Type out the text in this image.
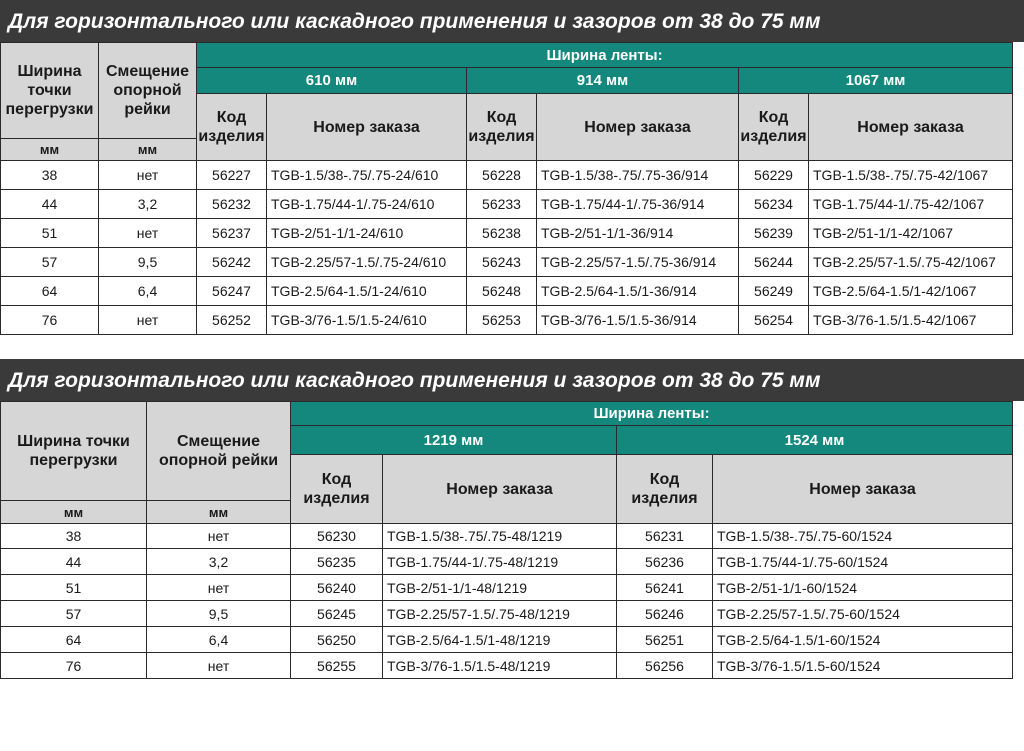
Для горизонтального или каскадного применения и зазоров от 38 до 75 мм
Ширина точки перегрузки	Смещение опорной рейки	Ширина ленты:					
		610 мм		914 мм		1067 мм	
		Код изделия	Номер заказа	Код изделия	Номер заказа	Код изделия	Номер заказа
мм	мм						
38	нет	56227	TGB-1.5/38-.75/.75-24/610	56228	TGB-1.5/38-.75/.75-36/914	56229	TGB-1.5/38-.75/.75-42/1067
44	3,2	56232	TGB-1.75/44-1/.75-24/610	56233	TGB-1.75/44-1/.75-36/914	56234	TGB-1.75/44-1/.75-42/1067
51	нет	56237	TGB-2/51-1/1-24/610	56238	TGB-2/51-1/1-36/914	56239	TGB-2/51-1/1-42/1067
57	9,5	56242	TGB-2.25/57-1.5/.75-24/610	56243	TGB-2.25/57-1.5/.75-36/914	56244	TGB-2.25/57-1.5/.75-42/1067
64	6,4	56247	TGB-2.5/64-1.5/1-24/610	56248	TGB-2.5/64-1.5/1-36/914	56249	TGB-2.5/64-1.5/1-42/1067
76	нет	56252	TGB-3/76-1.5/1.5-24/610	56253	TGB-3/76-1.5/1.5-36/914	56254	TGB-3/76-1.5/1.5-42/1067
Для горизонтального или каскадного применения и зазоров от 38 до 75 мм
Ширина точки перегрузки	Смещение опорной рейки	Ширина ленты:			
		1219 мм		1524 мм	
		Код изделия	Номер заказа	Код изделия	Номер заказа
мм	мм				
38	нет	56230	TGB-1.5/38-.75/.75-48/1219	56231	TGB-1.5/38-.75/.75-60/1524
44	3,2	56235	TGB-1.75/44-1/.75-48/1219	56236	TGB-1.75/44-1/.75-60/1524
51	нет	56240	TGB-2/51-1/1-48/1219	56241	TGB-2/51-1/1-60/1524
57	9,5	56245	TGB-2.25/57-1.5/.75-48/1219	56246	TGB-2.25/57-1.5/.75-60/1524
64	6,4	56250	TGB-2.5/64-1.5/1-48/1219	56251	TGB-2.5/64-1.5/1-60/1524
76	нет	56255	TGB-3/76-1.5/1.5-48/1219	56256	TGB-3/76-1.5/1.5-60/1524
